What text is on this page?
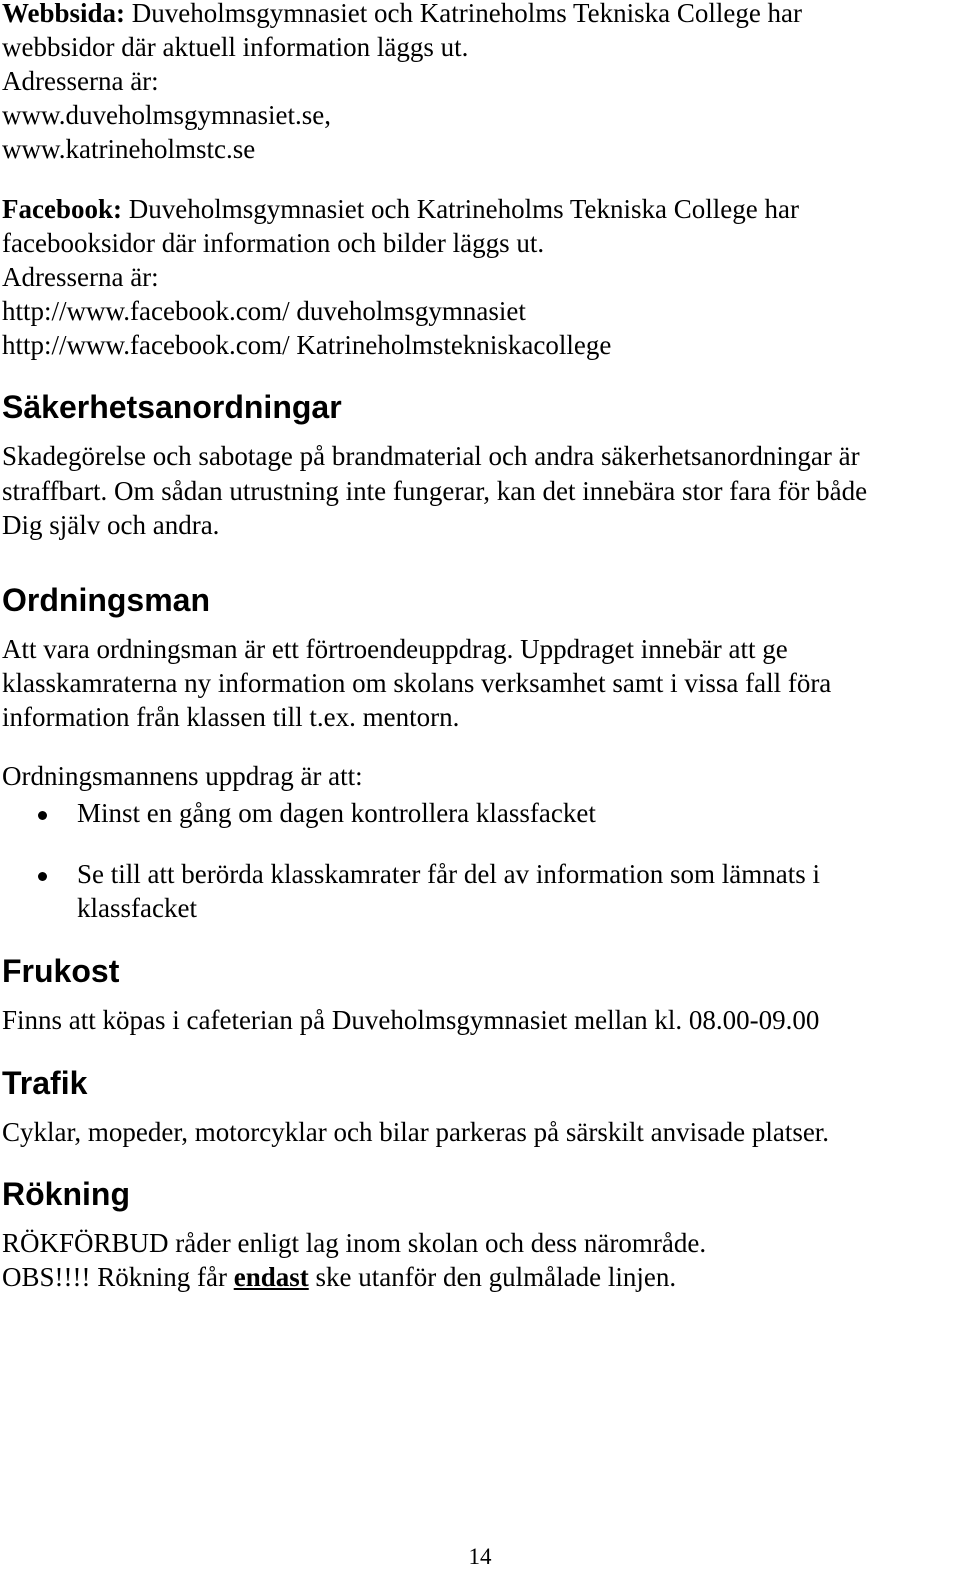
Webbsida: Duveholmsgymnasiet och Katrineholms Tekniska College har
webbsidor där aktuell information läggs ut.
Adresserna är:
www.duveholmsgymnasiet.se,
www.katrineholmstc.se
Facebook: Duveholmsgymnasiet och Katrineholms Tekniska College har
facebooksidor där information och bilder läggs ut.
Adresserna är:
http://www.facebook.com/ duveholmsgymnasiet
http://www.facebook.com/ Katrineholmstekniskacollege
Säkerhetsanordningar
Skadegörelse och sabotage på brandmaterial och andra säkerhetsanordningar är
straffbart. Om sådan utrustning inte fungerar, kan det innebära stor fara för både
Dig själv och andra.
Ordningsman
Att vara ordningsman är ett förtroendeuppdrag. Uppdraget innebär att ge
klasskamraterna ny information om skolans verksamhet samt i vissa fall föra
information från klassen till t.ex. mentorn.
Ordningsmannens uppdrag är att:
Minst en gång om dagen kontrollera klassfacket
Se till att berörda klasskamrater får del av information som lämnats i
klassfacket
Frukost
Finns att köpas i cafeterian på Duveholmsgymnasiet mellan kl. 08.00-09.00
Trafik
Cyklar, mopeder, motorcyklar och bilar parkeras på särskilt anvisade platser.
Rökning
RÖKFÖRBUD råder enligt lag inom skolan och dess närområde.
OBS!!!! Rökning får endast ske utanför den gulmålade linjen.
14
